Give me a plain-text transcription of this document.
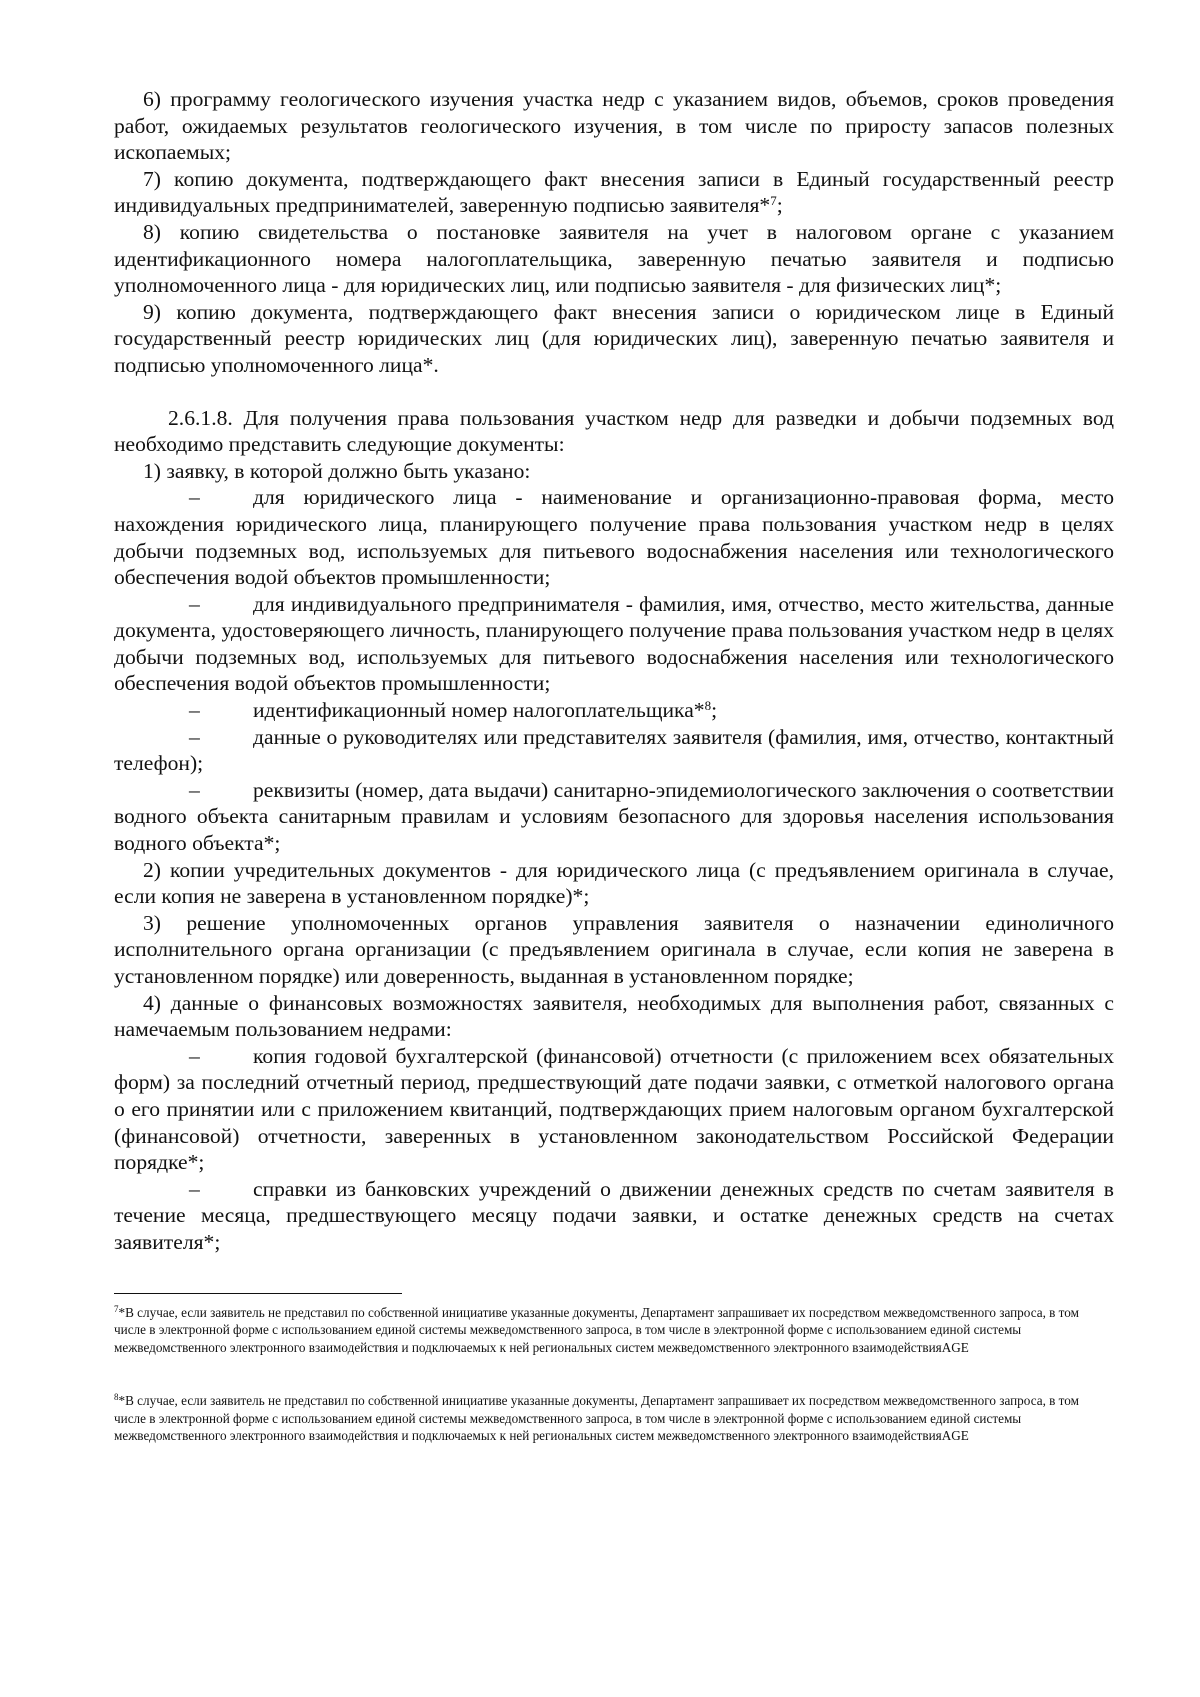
6) программу геологического изучения участка недр с указанием видов, объемов, сроков проведения работ, ожидаемых результатов геологического изучения, в том числе по приросту запасов полезных ископаемых;

7) копию документа, подтверждающего факт внесения записи в Единый государственный реестр индивидуальных предпринимателей, заверенную подписью заявителя*$^7$;

8) копию свидетельства о постановке заявителя на учет в налоговом органе с указанием идентификационного номера налогоплательщика, заверенную печатью заявителя и подписью уполномоченного лица - для юридических лиц, или подписью заявителя - для физических лиц*;

9) копию документа, подтверждающего факт внесения записи о юридическом лице в Единый государственный реестр юридических лиц (для юридических лиц), заверенную печатью заявителя и подписью уполномоченного лица*.

2.6.1.8. Для получения права пользования участком недр для разведки и добычи подземных вод необходимо представить следующие документы:

1) заявку, в которой должно быть указано:

– для юридического лица - наименование и организационно-правовая форма, место нахождения юридического лица, планирующего получение права пользования участком недр в целях добычи подземных вод, используемых для питьевого водоснабжения населения или технологического обеспечения водой объектов промышленности;

– для индивидуального предпринимателя - фамилия, имя, отчество, место жительства, данные документа, удостоверяющего личность, планирующего получение права пользования участком недр в целях добычи подземных вод, используемых для питьевого водоснабжения населения или технологического обеспечения водой объектов промышленности;

– идентификационный номер налогоплательщика*$^8$;

– данные о руководителях или представителях заявителя (фамилия, имя, отчество, контактный телефон);

– реквизиты (номер, дата выдачи) санитарно-эпидемиологического заключения о соответствии водного объекта санитарным правилам и условиям безопасного для здоровья населения использования водного объекта*;

2) копии учредительных документов - для юридического лица (с предъявлением оригинала в случае, если копия не заверена в установленном порядке)*;

3) решение уполномоченных органов управления заявителя о назначении единоличного исполнительного органа организации (с предъявлением оригинала в случае, если копия не заверена в установленном порядке) или доверенность, выданная в установленном порядке;

4) данные о финансовых возможностях заявителя, необходимых для выполнения работ, связанных с намечаемым пользованием недрами:

– копия годовой бухгалтерской (финансовой) отчетности (с приложением всех обязательных форм) за последний отчетный период, предшествующий дате подачи заявки, с отметкой налогового органа о его принятии или с приложением квитанций, подтверждающих прием налоговым органом бухгалтерской (финансовой) отчетности, заверенных в установленном законодательством Российской Федерации порядке*;

– справки из банковских учреждений о движении денежных средств по счетам заявителя в течение месяца, предшествующего месяцу подачи заявки, и остатке денежных средств на счетах заявителя*;

$^7$*В случае, если заявитель не представил по собственной инициативе указанные документы, Департамент запрашивает их посредством межведомственного запроса, в том числе в электронной форме с использованием единой системы межведомственного запроса, в том числе в электронной форме с использованием единой системы межведомственного электронного взаимодействия и подключаемых к ней региональных систем межведомственного электронного взаимодействияAGE

$^8$*В случае, если заявитель не представил по собственной инициативе указанные документы, Департамент запрашивает их посредством межведомственного запроса, в том числе в электронной форме с использованием единой системы межведомственного запроса, в том числе в электронной форме с использованием единой системы межведомственного электронного взаимодействия и подключаемых к ней региональных систем межведомственного электронного взаимодействияAGE
